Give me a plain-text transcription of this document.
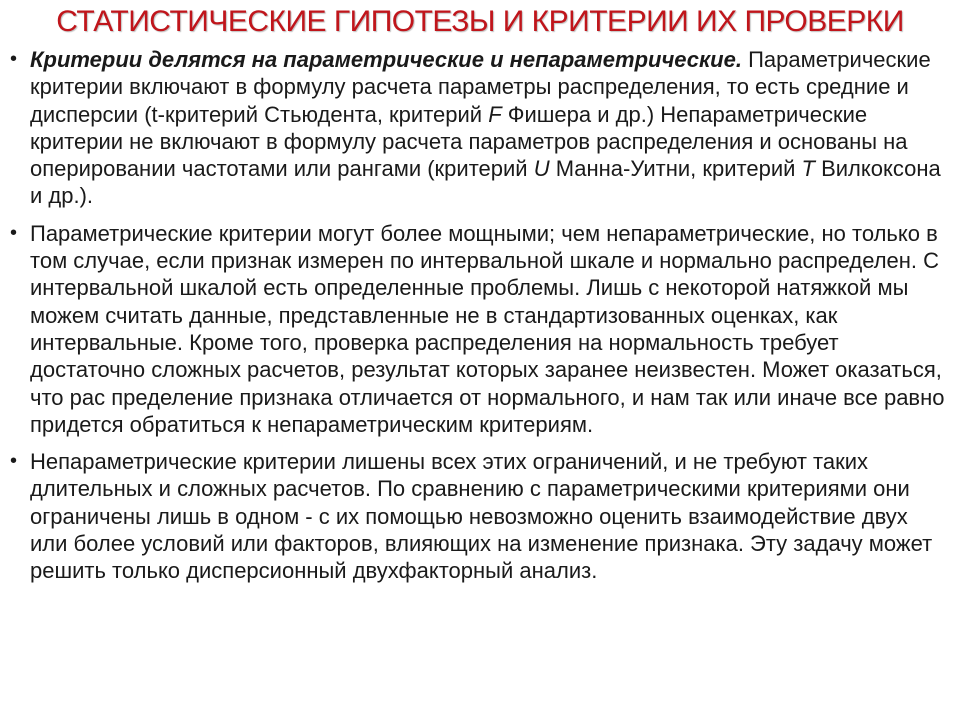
СТАТИСТИЧЕСКИЕ ГИПОТЕЗЫ И КРИТЕРИИ ИХ ПРОВЕРКИ
• Критерии делятся на параметрические и непараметрические. Параметрические критерии включают в формулу расчета параметры распределения, то есть средние и дисперсии (t-критерий Стьюдента, критерий F Фишера и др.) Непараметрические критерии не включают в формулу расчета параметров распределения и основаны на оперировании частотами или рангами (критерий U Манна-Уитни, критерий T Вилкоксона и др.).
• Параметрические критерии могут более мощными; чем непараметрические, но только в том случае, если признак измерен по интервальной шкале и нормально распределен. С интервальной шкалой есть определенные проблемы. Лишь с некоторой натяжкой мы можем считать данные, представленные не в стандартизованных оценках, как интервальные. Кроме того, проверка распределения на нормальность требует достаточно сложных расчетов, результат которых заранее неизвестен. Может оказаться, что рас пределение признака отличается от нормального, и нам так или иначе все равно придется обратиться к непараметрическим критериям.
• Непараметрические критерии лишены всех этих ограничений, и не требуют таких длительных и сложных расчетов. По сравнению с параметрическими критериями они ограничены лишь в одном - с их помощью невозможно оценить взаимодействие двух или более условий или факторов, влияющих на изменение признака. Эту задачу может решить только дисперсионный двухфакторный анализ.
